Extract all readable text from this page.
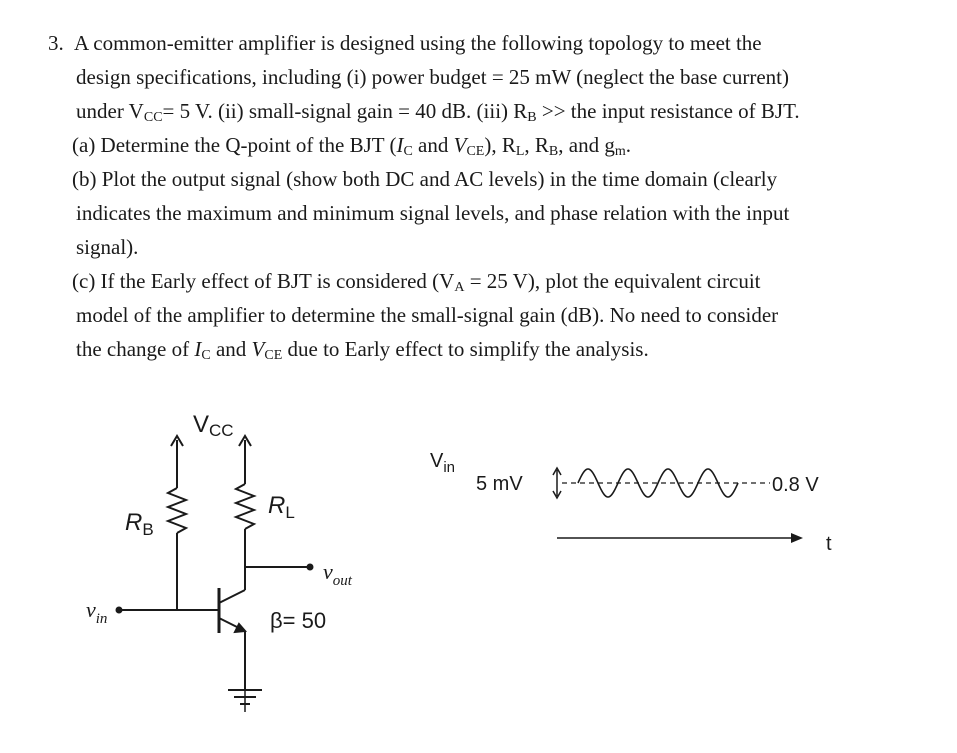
3. A common-emitter amplifier is designed using the following topology to meet the
design specifications, including (i) power budget = 25 mW (neglect the base current)
under $V_{CC}= 5$ V. (ii) small-signal gain = 40 dB. (iii) $R_B$ >> the input resistance of BJT.
(a) Determine the Q-point of the BJT ($I_C$ and $V_{CE}$), $R_L$, $R_B$, and $g_m$.
(b) Plot the output signal (show both DC and AC levels) in the time domain (clearly
indicates the maximum and minimum signal levels, and phase relation with the input
signal).
(c) If the Early effect of BJT is considered ($V_A = 25$ V), plot the equivalent circuit
model of the amplifier to determine the small-signal gain (dB). No need to consider
the change of $I_C$ and $V_{CE}$ due to Early effect to simplify the analysis.
VCC
$R_B$
$R_L$
$v_{out}$
$v_{in}$	β= 50
$V_{in}$
5 mV	0.8 V
t
